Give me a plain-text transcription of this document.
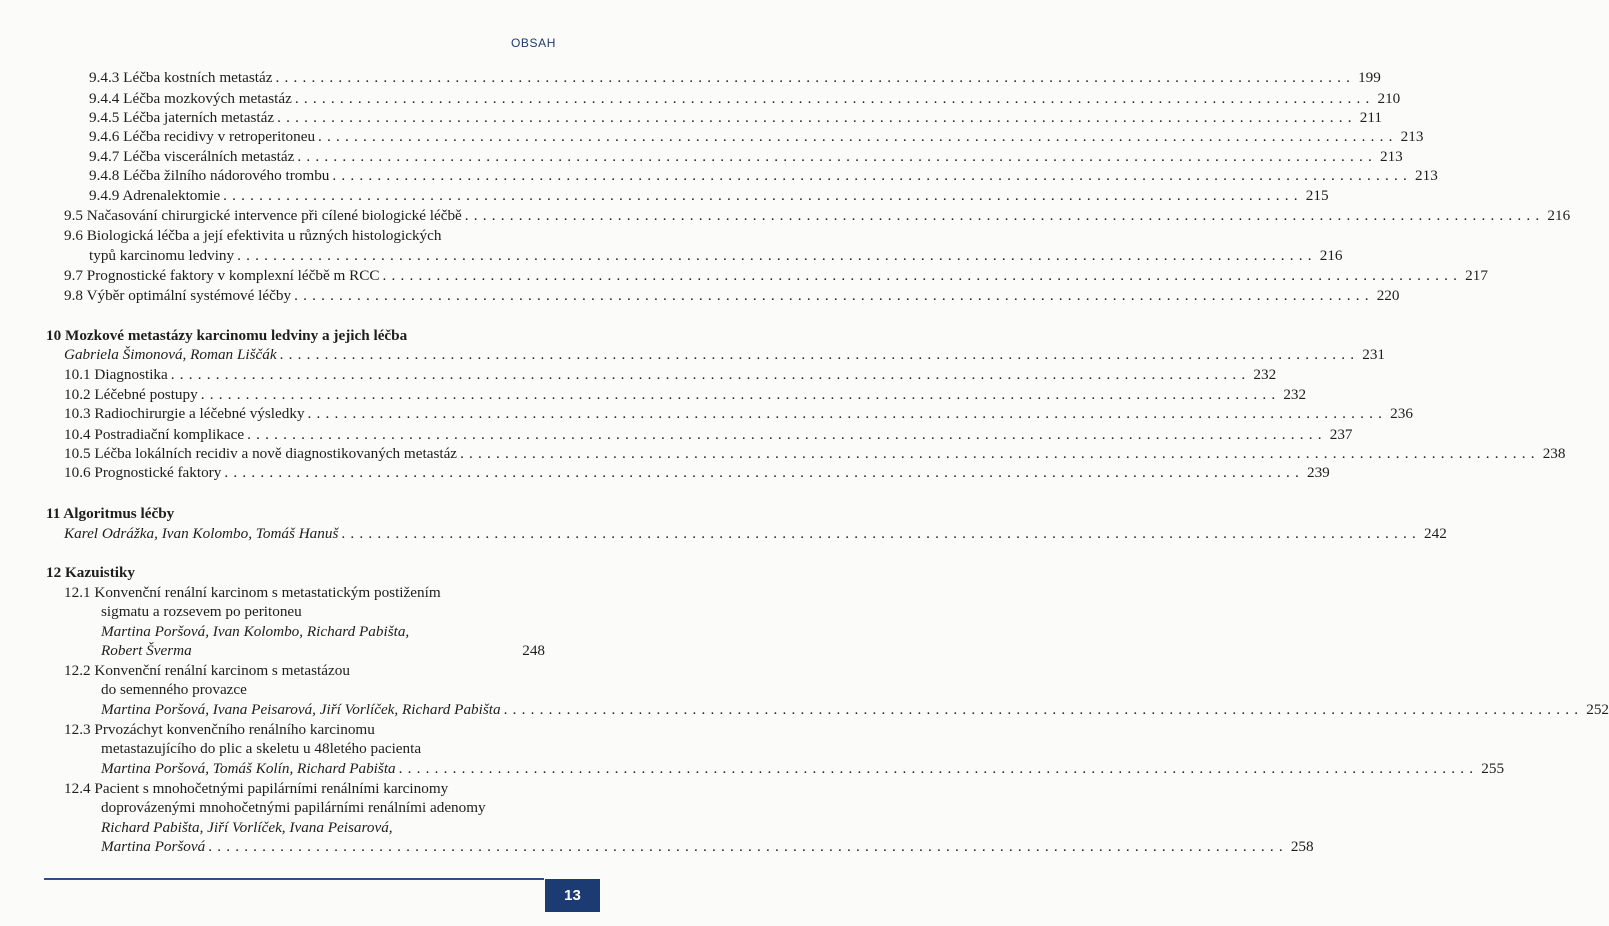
OBSAH
9.4.3 Léčba kostních metastáz ........................................................................................................................ 199
9.4.4 Léčba mozkových metastáz ........................................................................................................................ 210
9.4.5 Léčba jaterních metastáz ........................................................................................................................ 211
9.4.6 Léčba recidivy v retroperitoneu ........................................................................................................................ 213
9.4.7 Léčba viscerálních metastáz ........................................................................................................................ 213
9.4.8 Léčba žilního nádorového trombu ........................................................................................................................ 213
9.4.9 Adrenalektomie ........................................................................................................................ 215
9.5 Načasování chirurgické intervence při cílené biologické léčbě ........................................................................................................................ 216
9.6 Biologická léčba a její efektivita u různých histologických
typů karcinomu ledviny ........................................................................................................................ 216
9.7 Prognostické faktory v komplexní léčbě m RCC ........................................................................................................................ 217
9.8 Výběr optimální systémové léčby ........................................................................................................................ 220
10 Mozkové metastázy karcinomu ledviny a jejich léčba
Gabriela Šimonová, Roman Liščák ........................................................................................................................ 231
10.1 Diagnostika ........................................................................................................................ 232
10.2 Léčebné postupy ........................................................................................................................ 232
10.3 Radiochirurgie a léčebné výsledky ........................................................................................................................ 236
10.4 Postradiační komplikace ........................................................................................................................ 237
10.5 Léčba lokálních recidiv a nově diagnostikovaných metastáz ........................................................................................................................ 238
10.6 Prognostické faktory ........................................................................................................................ 239
11 Algoritmus léčby
Karel Odrážka, Ivan Kolombo, Tomáš Hanuš ........................................................................................................................ 242
12 Kazuistiky
12.1 Konvenční renální karcinom s metastatickým postižením
sigmatu a rozsevem po peritoneu
Martina Poršová, Ivan Kolombo, Richard Pabišta,
Robert Šverma	248
12.2 Konvenční renální karcinom s metastázou
do semenného provazce
Martina Poršová, Ivana Peisarová, Jiří Vorlíček, Richard Pabišta ........................................................................................................................ 252
12.3 Prvozáchyt konvenčního renálního karcinomu
metastazujícího do plic a skeletu u 48letého pacienta
Martina Poršová, Tomáš Kolín, Richard Pabišta ........................................................................................................................ 255
12.4 Pacient s mnohočetnými papilárními renálními karcinomy
doprovázenými mnohočetnými papilárními renálními adenomy
Richard Pabišta, Jiří Vorlíček, Ivana Peisarová,
Martina Poršová ........................................................................................................................ 258
13
